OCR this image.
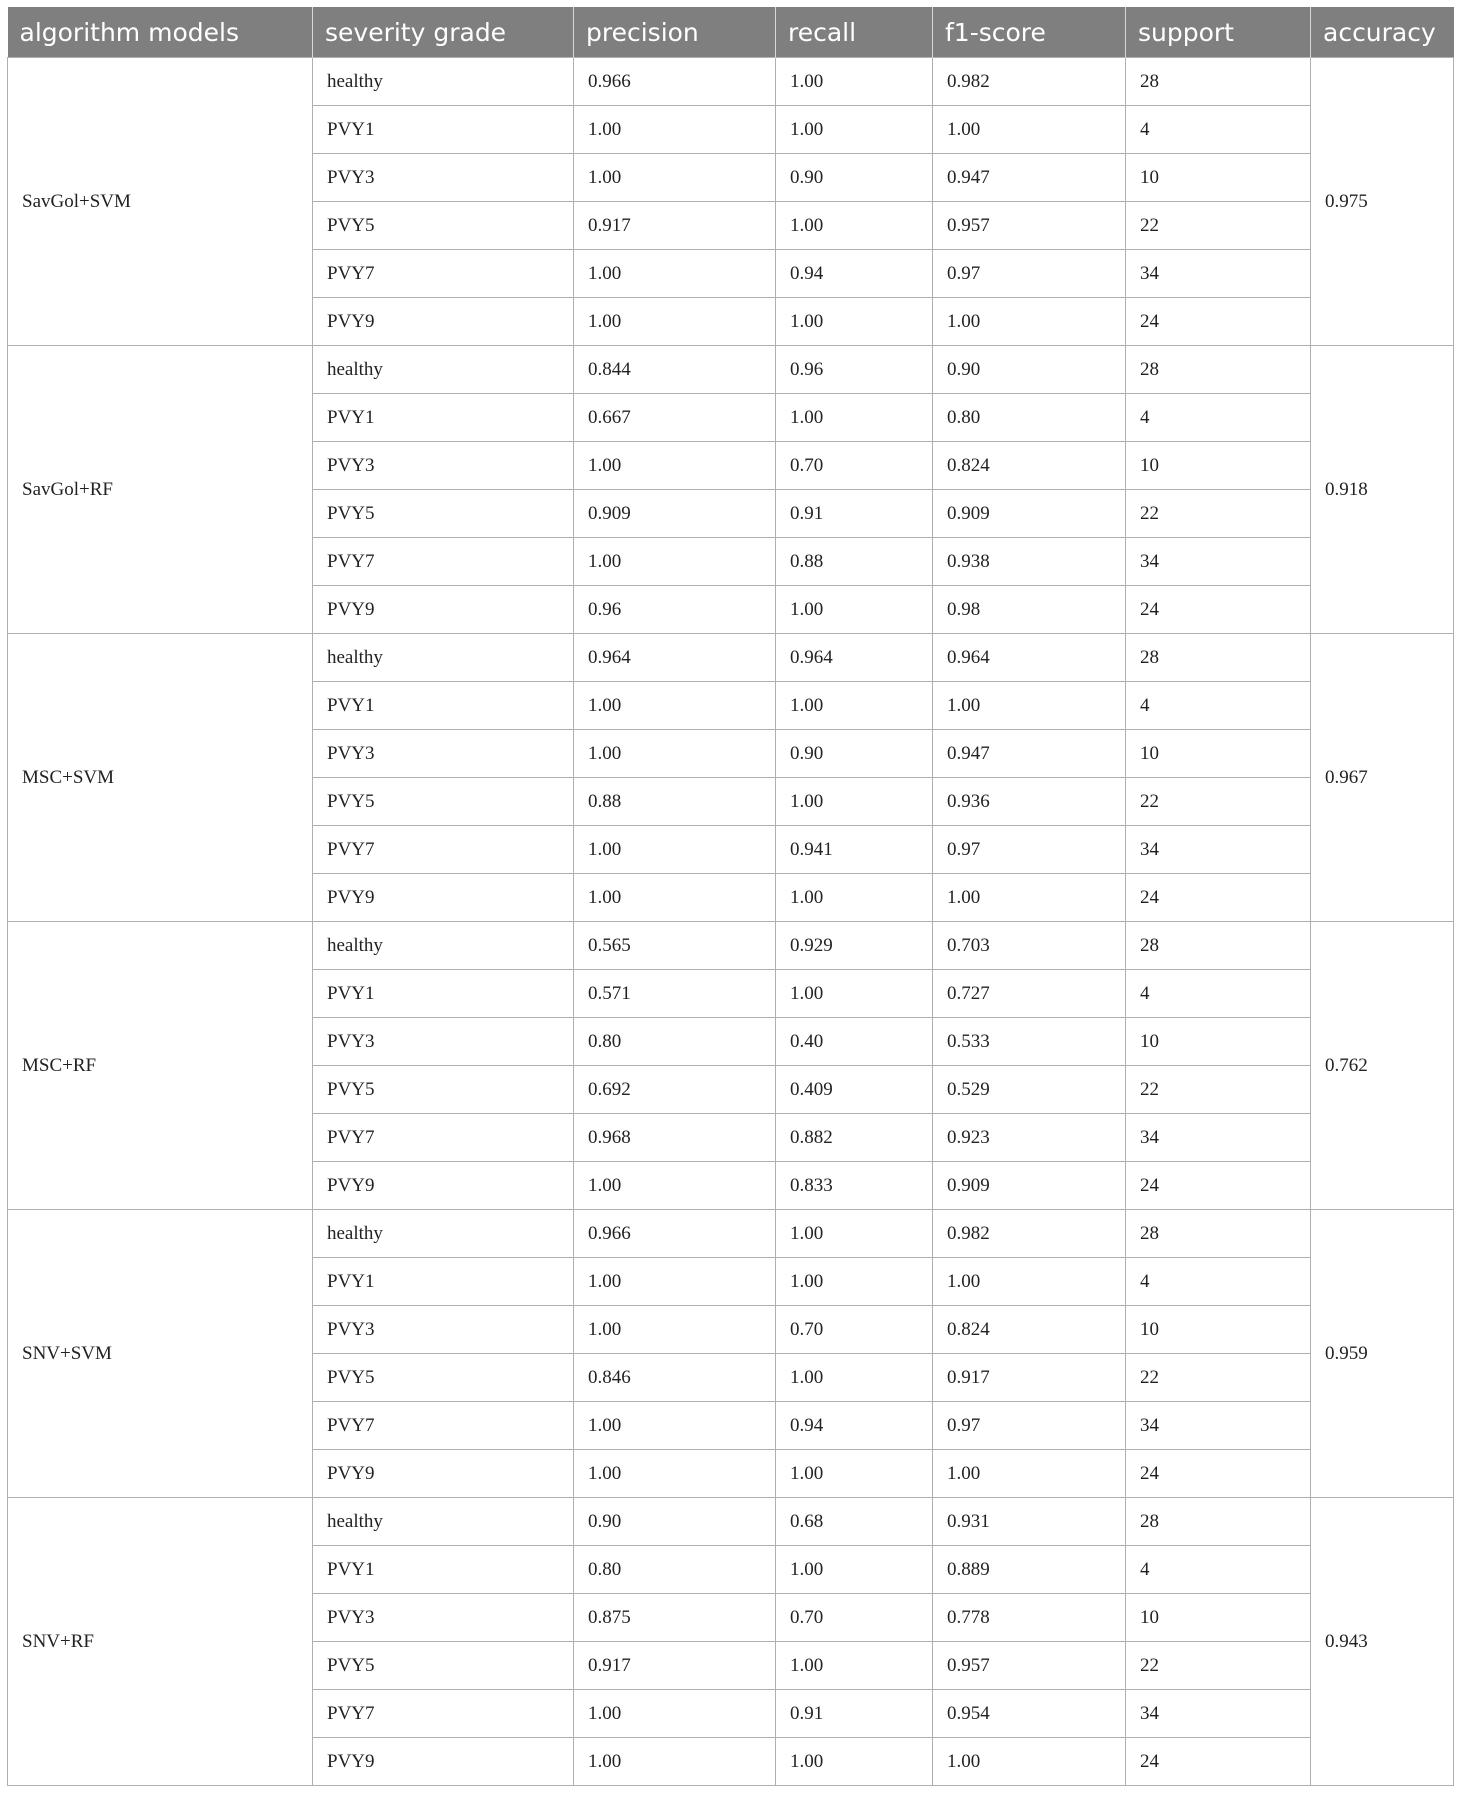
algorithm models	severity grade	precision	recall	f1-score	support	accuracy
SavGol+SVM	healthy	0.966	1.00	0.982	28	0.975
	PVY1	1.00	1.00	1.00	4	
	PVY3	1.00	0.90	0.947	10	
	PVY5	0.917	1.00	0.957	22	
	PVY7	1.00	0.94	0.97	34	
	PVY9	1.00	1.00	1.00	24	
SavGol+RF	healthy	0.844	0.96	0.90	28	0.918
	PVY1	0.667	1.00	0.80	4	
	PVY3	1.00	0.70	0.824	10	
	PVY5	0.909	0.91	0.909	22	
	PVY7	1.00	0.88	0.938	34	
	PVY9	0.96	1.00	0.98	24	
MSC+SVM	healthy	0.964	0.964	0.964	28	0.967
	PVY1	1.00	1.00	1.00	4	
	PVY3	1.00	0.90	0.947	10	
	PVY5	0.88	1.00	0.936	22	
	PVY7	1.00	0.941	0.97	34	
	PVY9	1.00	1.00	1.00	24	
MSC+RF	healthy	0.565	0.929	0.703	28	0.762
	PVY1	0.571	1.00	0.727	4	
	PVY3	0.80	0.40	0.533	10	
	PVY5	0.692	0.409	0.529	22	
	PVY7	0.968	0.882	0.923	34	
	PVY9	1.00	0.833	0.909	24	
SNV+SVM	healthy	0.966	1.00	0.982	28	0.959
	PVY1	1.00	1.00	1.00	4	
	PVY3	1.00	0.70	0.824	10	
	PVY5	0.846	1.00	0.917	22	
	PVY7	1.00	0.94	0.97	34	
	PVY9	1.00	1.00	1.00	24	
SNV+RF	healthy	0.90	0.68	0.931	28	0.943
	PVY1	0.80	1.00	0.889	4	
	PVY3	0.875	0.70	0.778	10	
	PVY5	0.917	1.00	0.957	22	
	PVY7	1.00	0.91	0.954	34	
	PVY9	1.00	1.00	1.00	24	
